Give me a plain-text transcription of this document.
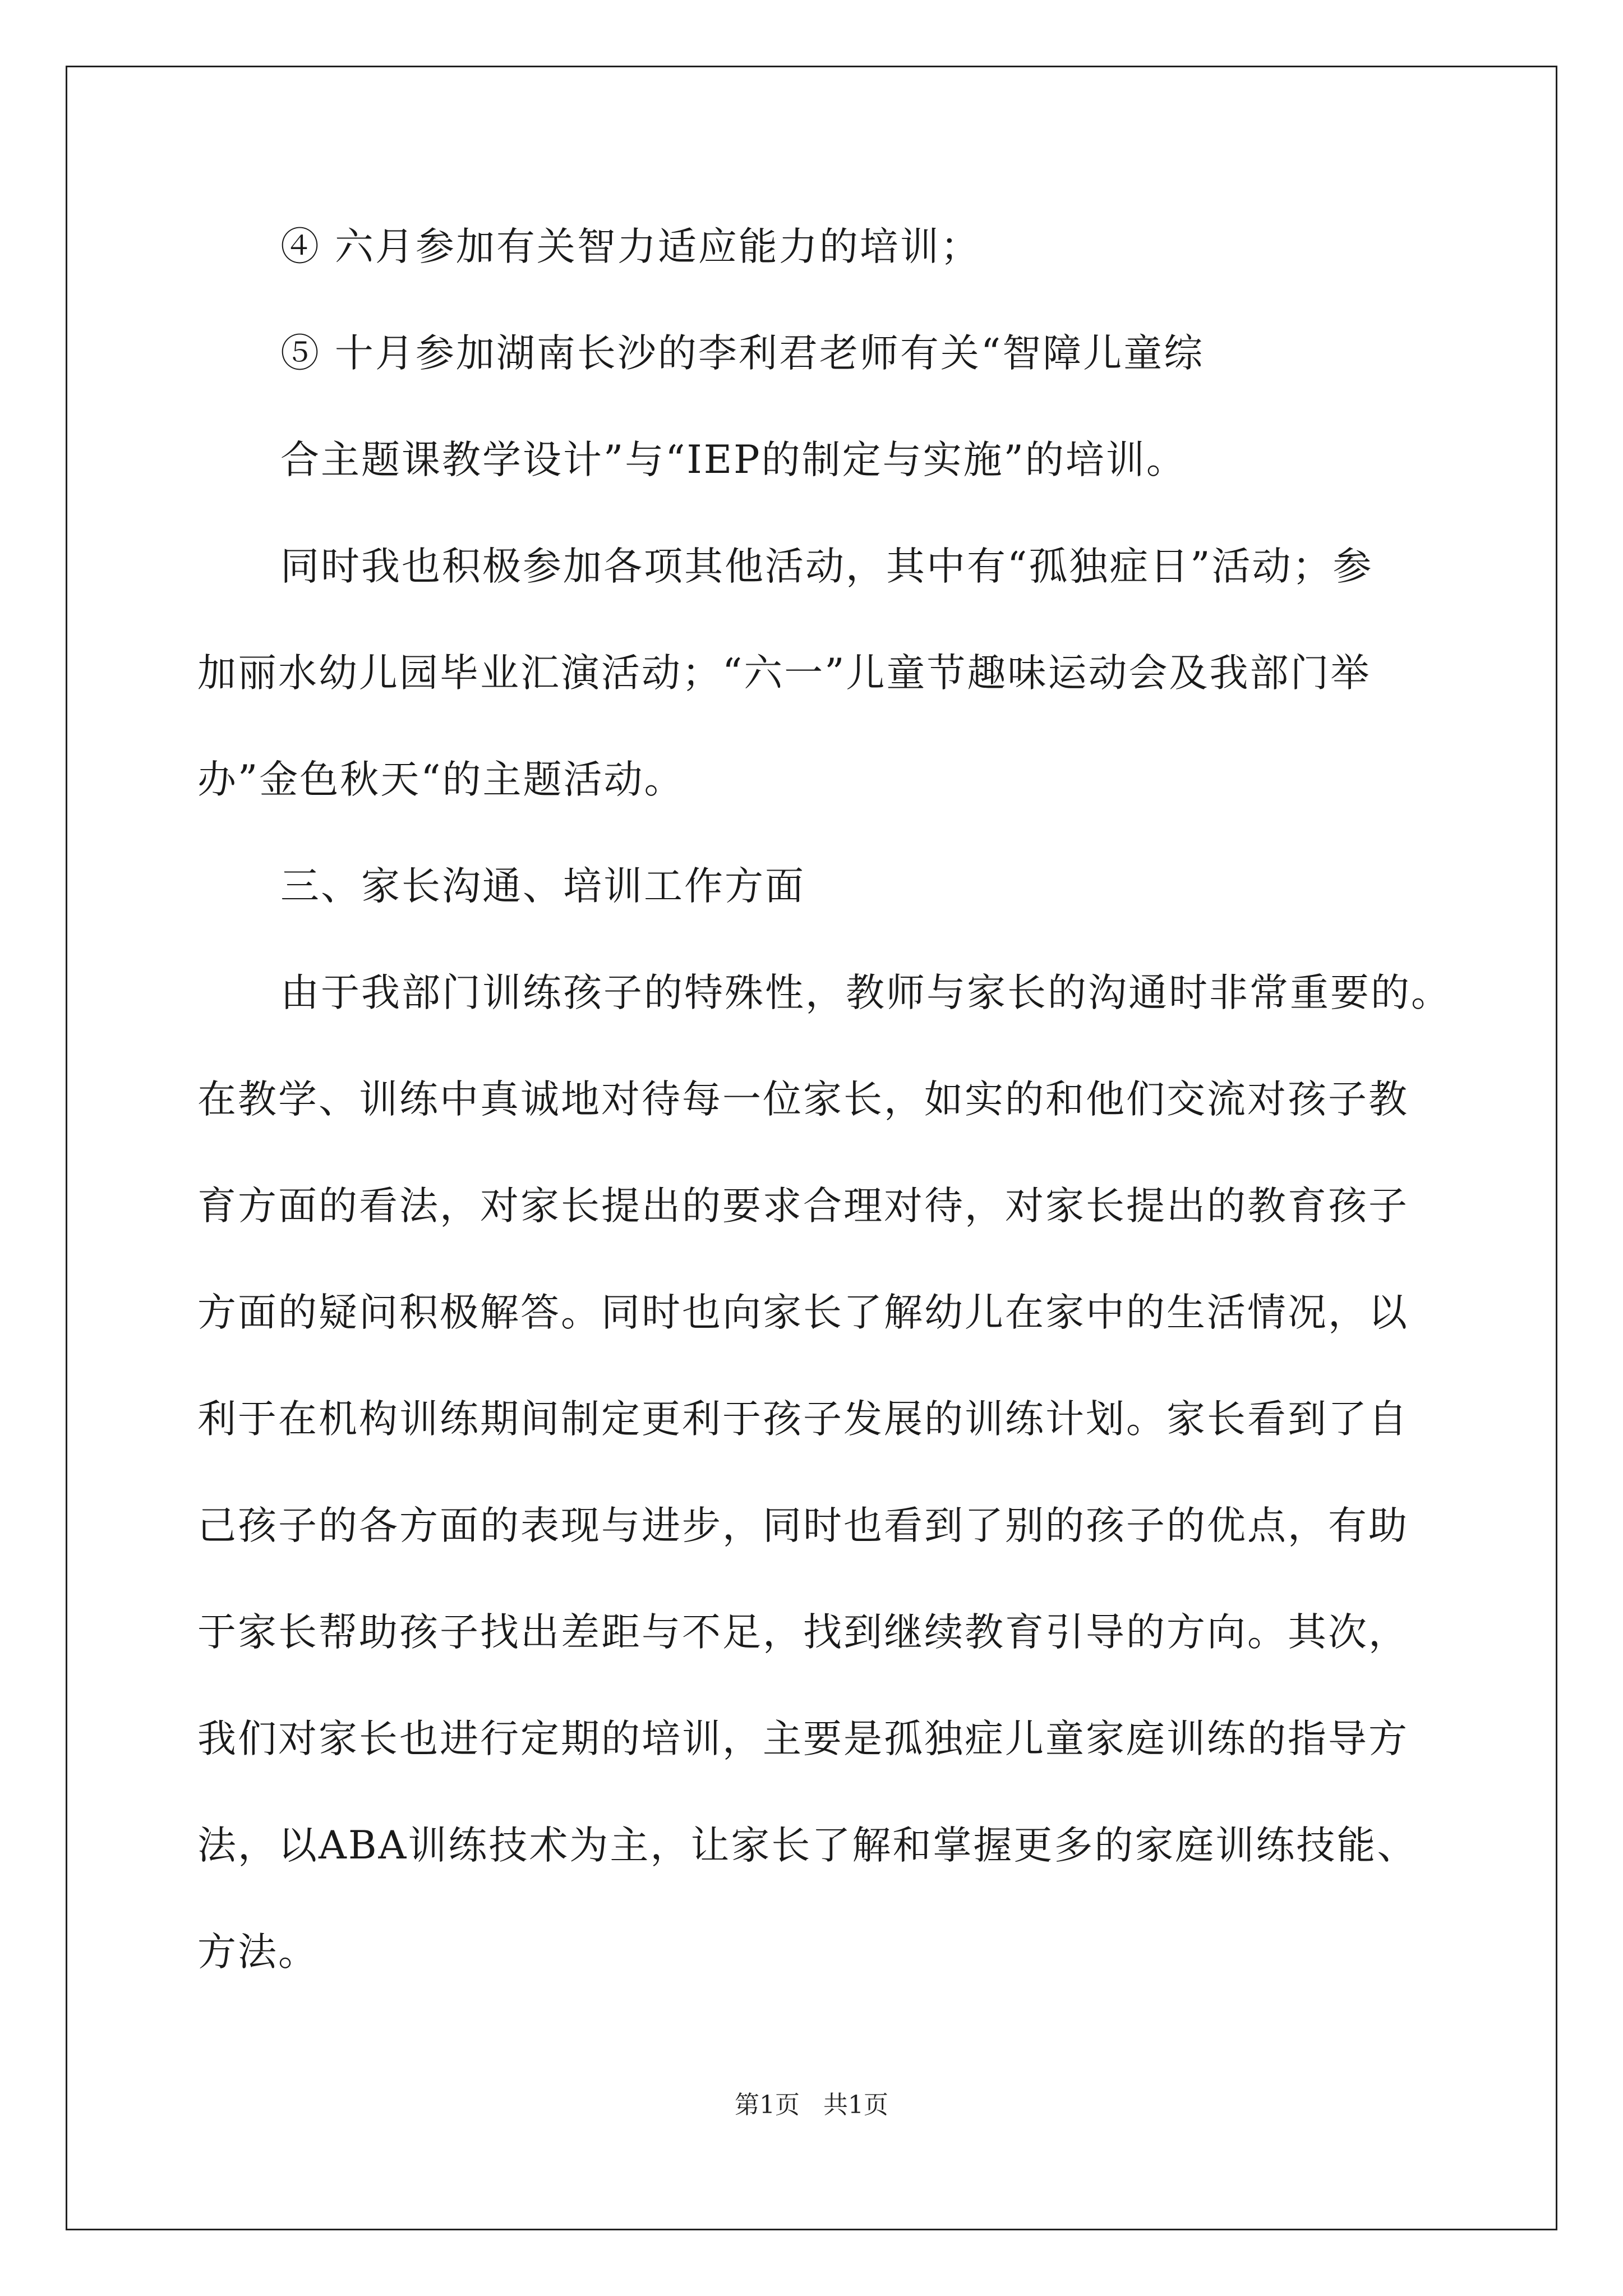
④ 六月参加有关智力适应能力的培训；

⑤ 十月参加湖南长沙的李利君老师有关“智障儿童综

合主题课教学设计”与“IEP的制定与实施”的培训。

同时我也积极参加各项其他活动，其中有“孤独症日”活动；参

加丽水幼儿园毕业汇演活动；“六一”儿童节趣味运动会及我部门举

办”金色秋天“的主题活动。

三、家长沟通、培训工作方面

由于我部门训练孩子的特殊性，教师与家长的沟通时非常重要的。

在教学、训练中真诚地对待每一位家长，如实的和他们交流对孩子教

育方面的看法，对家长提出的要求合理对待，对家长提出的教育孩子

方面的疑问积极解答。同时也向家长了解幼儿在家中的生活情况，以

利于在机构训练期间制定更利于孩子发展的训练计划。家长看到了自

己孩子的各方面的表现与进步，同时也看到了别的孩子的优点，有助

于家长帮助孩子找出差距与不足，找到继续教育引导的方向。其次，

我们对家长也进行定期的培训，主要是孤独症儿童家庭训练的指导方

法，以ABA训练技术为主，让家长了解和掌握更多的家庭训练技能、

方法。

第1页   共1页
